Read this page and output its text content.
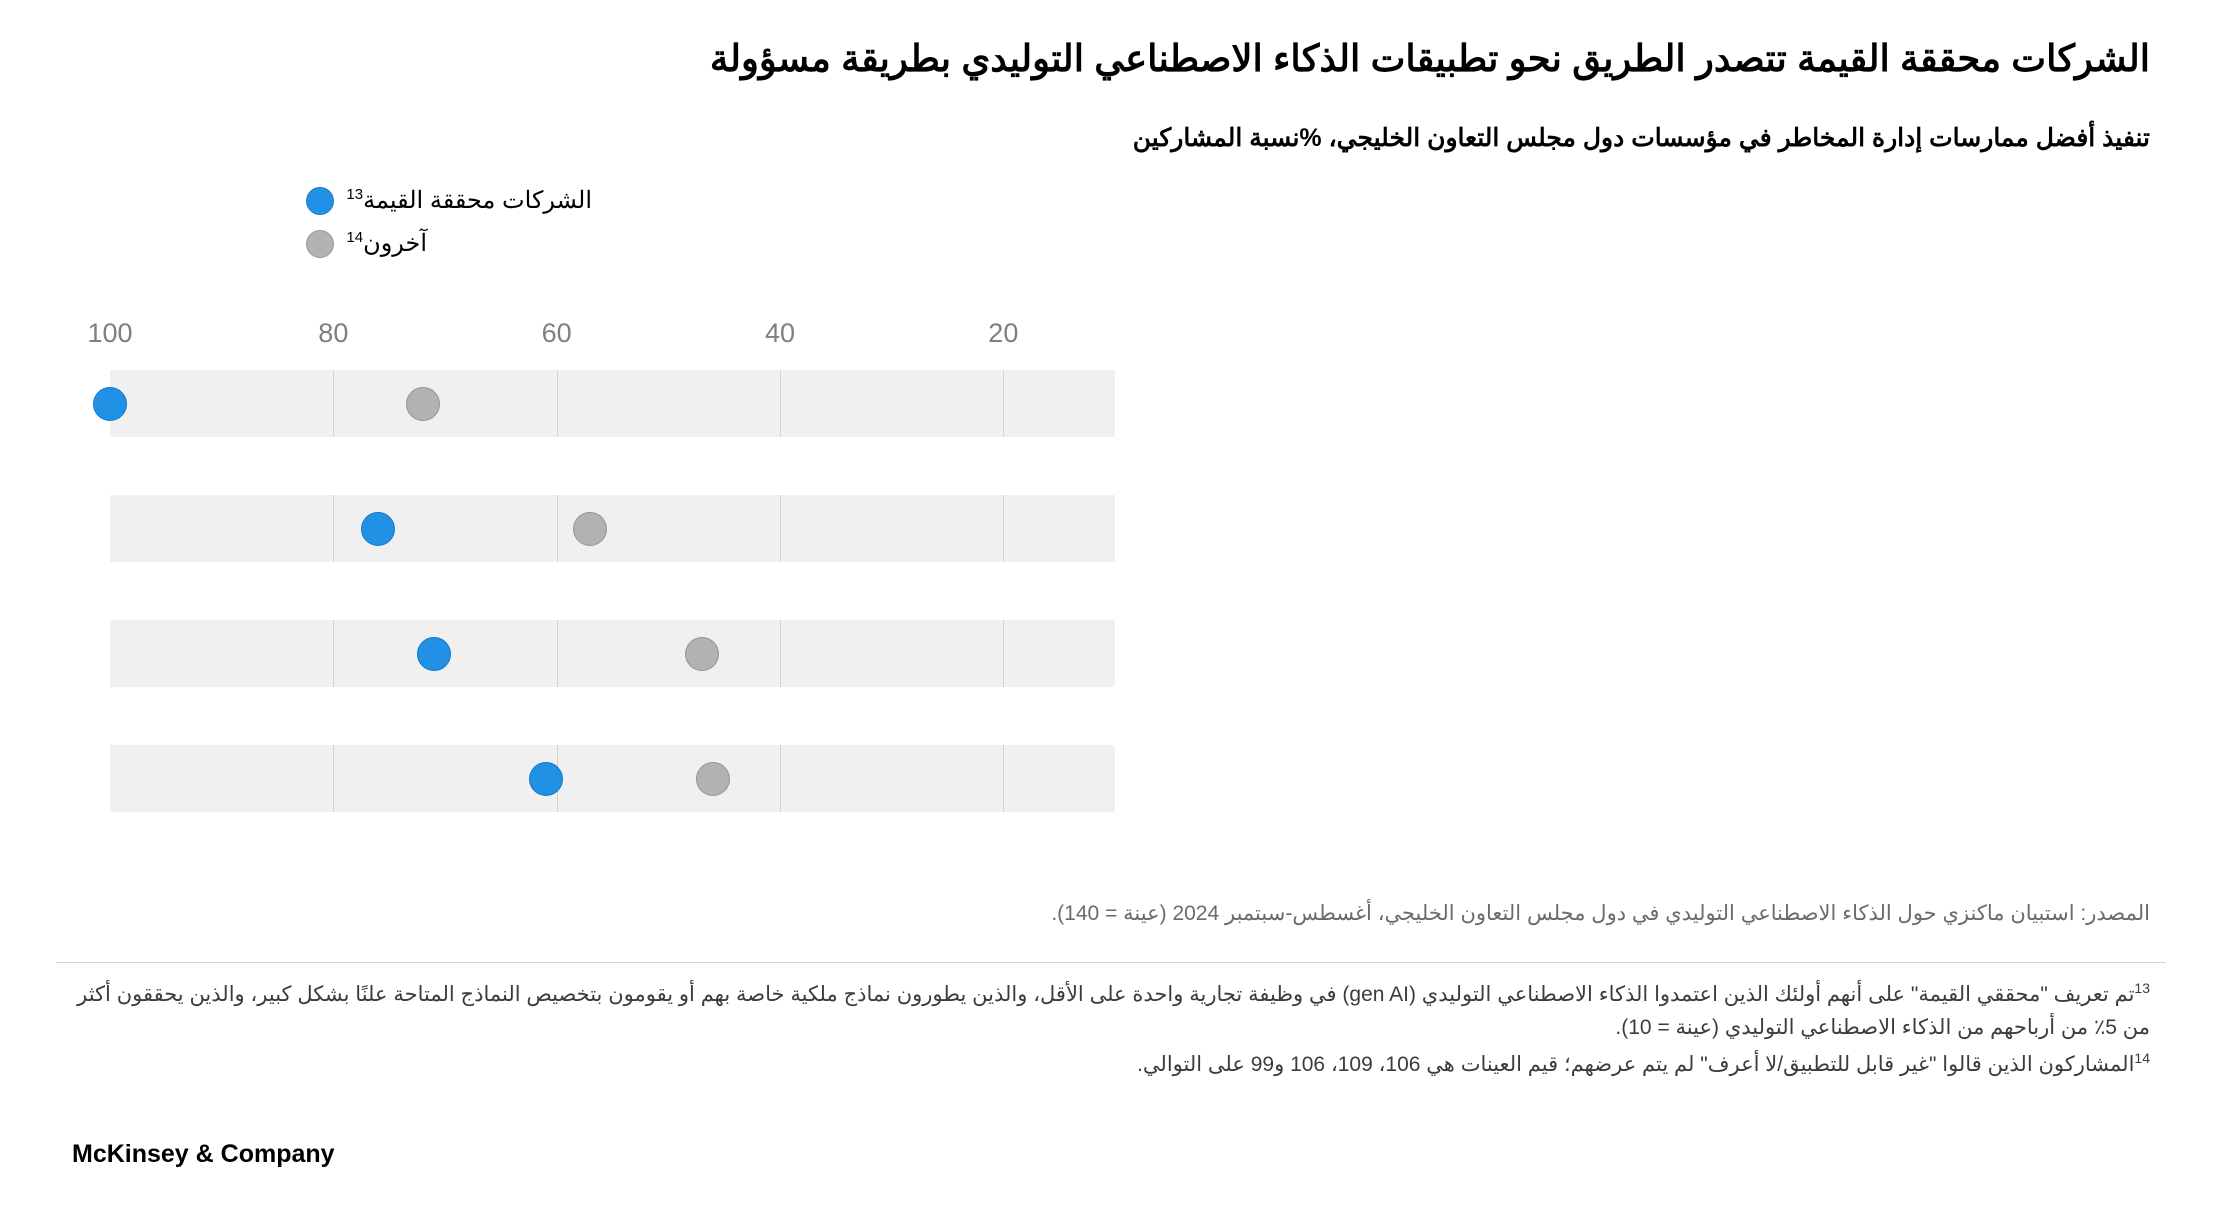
الشركات محققة القيمة تتصدر الطريق نحو تطبيقات الذكاء الاصطناعي التوليدي بطريقة مسؤولة
تنفيذ أفضل ممارسات إدارة المخاطر في مؤسسات دول مجلس التعاون الخليجي، %نسبة المشاركين
الشركات محققة القيمة$^{13}$
آخرون$^{14}$
100	80	60	40	20
المصدر: استبيان ماكنزي حول الذكاء الاصطناعي التوليدي في دول مجلس التعاون الخليجي، أغسطس-سبتمبر 2024 (عينة = 140).

$^{13}$تم تعريف "محققي القيمة" على أنهم أولئك الذين اعتمدوا الذكاء الاصطناعي التوليدي (gen AI) في وظيفة تجارية واحدة على الأقل، والذين يطورون نماذج ملكية خاصة بهم أو يقومون بتخصيص النماذج المتاحة علنًا بشكل كبير، والذين يحققون أكثر من 5٪ من أرباحهم من الذكاء الاصطناعي التوليدي (عينة = 10).

$^{14}$المشاركون الذين قالوا "غير قابل للتطبيق/لا أعرف" لم يتم عرضهم؛ قيم العينات هي 106، 109، 106 و99 على التوالي.

McKinsey & Company
